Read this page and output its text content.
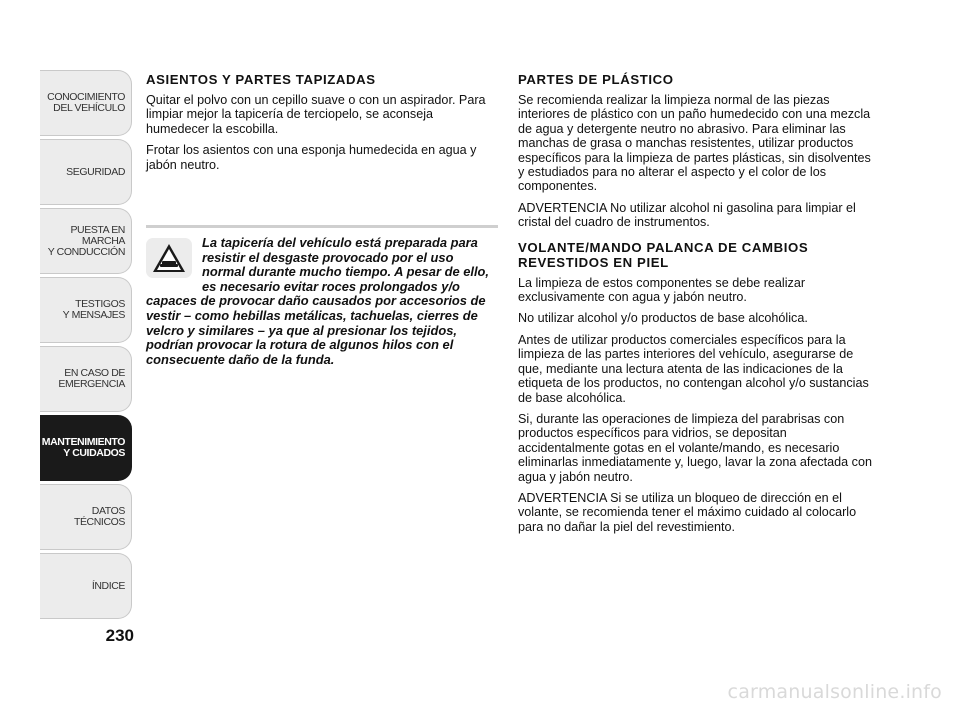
CONOCIMIENTO
DEL VEHÍCULO
SEGURIDAD
PUESTA EN
MARCHA
Y CONDUCCIÓN
TESTIGOS
Y MENSAJES
EN CASO DE
EMERGENCIA
MANTENIMIENTO
Y CUIDADOS
DATOS
TÉCNICOS
ÍNDICE
230
ASIENTOS Y PARTES TAPIZADAS

Quitar el polvo con un cepillo suave o con un aspirador. Para limpiar mejor la tapicería de terciopelo, se aconseja humedecer la escobilla.

Frotar los asientos con una esponja humedecida en agua y jabón neutro.

La tapicería del vehículo está preparada para resistir el desgaste provocado por el uso normal durante mucho tiempo. A pesar de ello, es necesario evitar roces prolongados y/o capaces de provocar daño causados por accesorios de vestir – como hebillas metálicas, tachuelas, cierres de velcro y similares – ya que al presionar los tejidos, podrían provocar la rotura de algunos hilos con el consecuente daño de la funda.

PARTES DE PLÁSTICO

Se recomienda realizar la limpieza normal de las piezas interiores de plástico con un paño humedecido con una mezcla de agua y detergente neutro no abrasivo. Para eliminar las manchas de grasa o manchas resistentes, utilizar productos específicos para la limpieza de partes plásticas, sin disolventes y estudiados para no alterar el aspecto y el color de los componentes.

ADVERTENCIA No utilizar alcohol ni gasolina para limpiar el cristal del cuadro de instrumentos.

VOLANTE/MANDO PALANCA DE CAMBIOS REVESTIDOS EN PIEL

La limpieza de estos componentes se debe realizar exclusivamente con agua y jabón neutro.

No utilizar alcohol y/o productos de base alcohólica.

Antes de utilizar productos comerciales específicos para la limpieza de las partes interiores del vehículo, asegurarse de que, mediante una lectura atenta de las indicaciones de la etiqueta de los productos, no contengan alcohol y/o sustancias de base alcohólica.

Si, durante las operaciones de limpieza del parabrisas con productos específicos para vidrios, se depositan accidentalmente gotas en el volante/mando, es necesario eliminarlas inmediatamente y, luego, lavar la zona afectada con agua y jabón neutro.

ADVERTENCIA Si se utiliza un bloqueo de dirección en el volante, se recomienda tener el máximo cuidado al colocarlo para no dañar la piel del revestimiento.

carmanualsonline.info
